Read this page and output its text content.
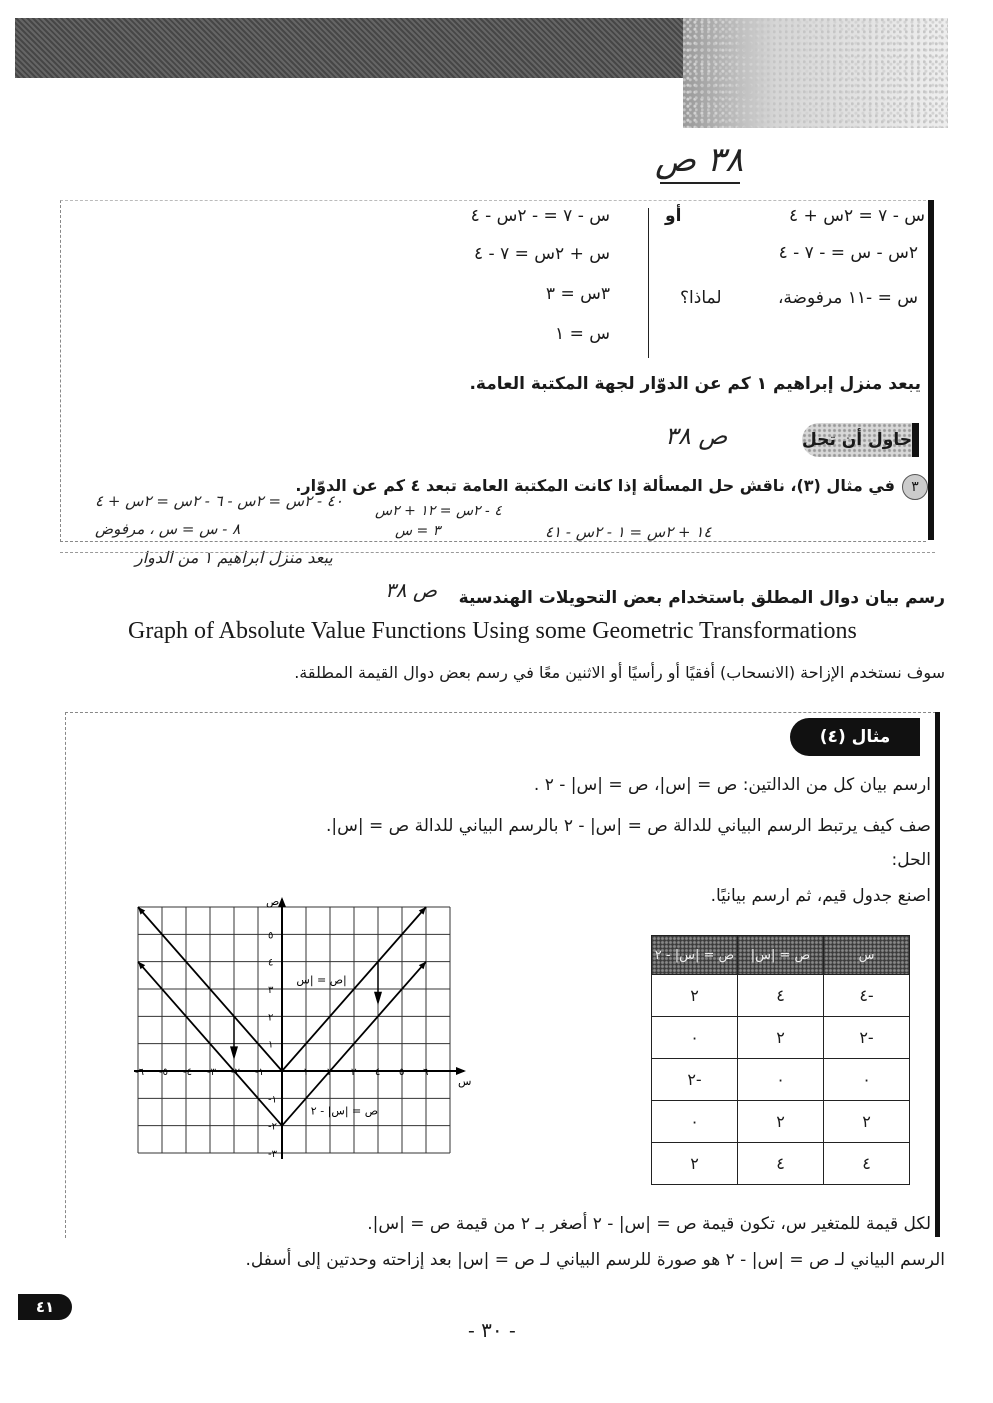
٣٨ ص
س - ٧ = ٢س + ٤
٢س - س = - ٧ - ٤
س = -١١ مرفوضة،
لماذا؟
أو
س - ٧ = - ٢س - ٤
س + ٢س = ٧ - ٤
٣س = ٣
س = ١
يبعد منزل إبراهيم ١ كم عن الدوّار لجهة المكتبة العامة.
حاول أن تحل
ص ٣٨
٣
في مثال (٣)، ناقش حل المسألة إذا كانت المكتبة العامة تبعد ٤ كم عن الدوّار.
٤٠ - ٢س = ٢س - ٦ - ٢س = ٢س + ٤
٤ - ٢س = ١٢ + ٢س
٨ - س = س ، مرفوض	٣ = س	١٤ + ٢س = ١ - ٢س - ٤١
يبعد منزل ابراهيم ١ من الدوار
رسم بيان دوال المطلق باستخدام بعض التحويلات الهندسية
ص ٣٨
Graph of Absolute Value Functions Using some Geometric Transformations
سوف نستخدم الإزاحة (الانسحاب) أفقيًا أو رأسيًا أو الاثنين معًا في رسم بعض دوال القيمة المطلقة.
مثال (٤)
ارسم بيان كل من الدالتين: ص = |س|، ص = |س| - ٢ .
صف كيف يرتبط الرسم البياني للدالة ص = |س| - ٢ بالرسم البياني للدالة ص = |س|.
الحل:
اصنع جدول قيم، ثم ارسم بيانيًا.
س	ص = |س|	ص = |س| - ٢
-٤	٤	٢
-٢	٢	٠
٠	٠	-٢
٢	٢	٠
٤	٤	٢
س
ص
-٦ -٥ -٤ -٣ -٢ -١	١ ٢ ٣ ٤ ٥ ٦
٥
٤
٣
٢
١
-١
-٢
-٣
ص = |س|
ص = |س| - ٢
لكل قيمة للمتغير س، تكون قيمة ص = |س| - ٢ أصغر بـ ٢ من قيمة ص = |س|.
الرسم البياني لـ ص = |س| - ٢ هو صورة للرسم البياني لـ ص = |س| بعد إزاحته وحدتين إلى أسفل.
٤١
- ٣٠ -
